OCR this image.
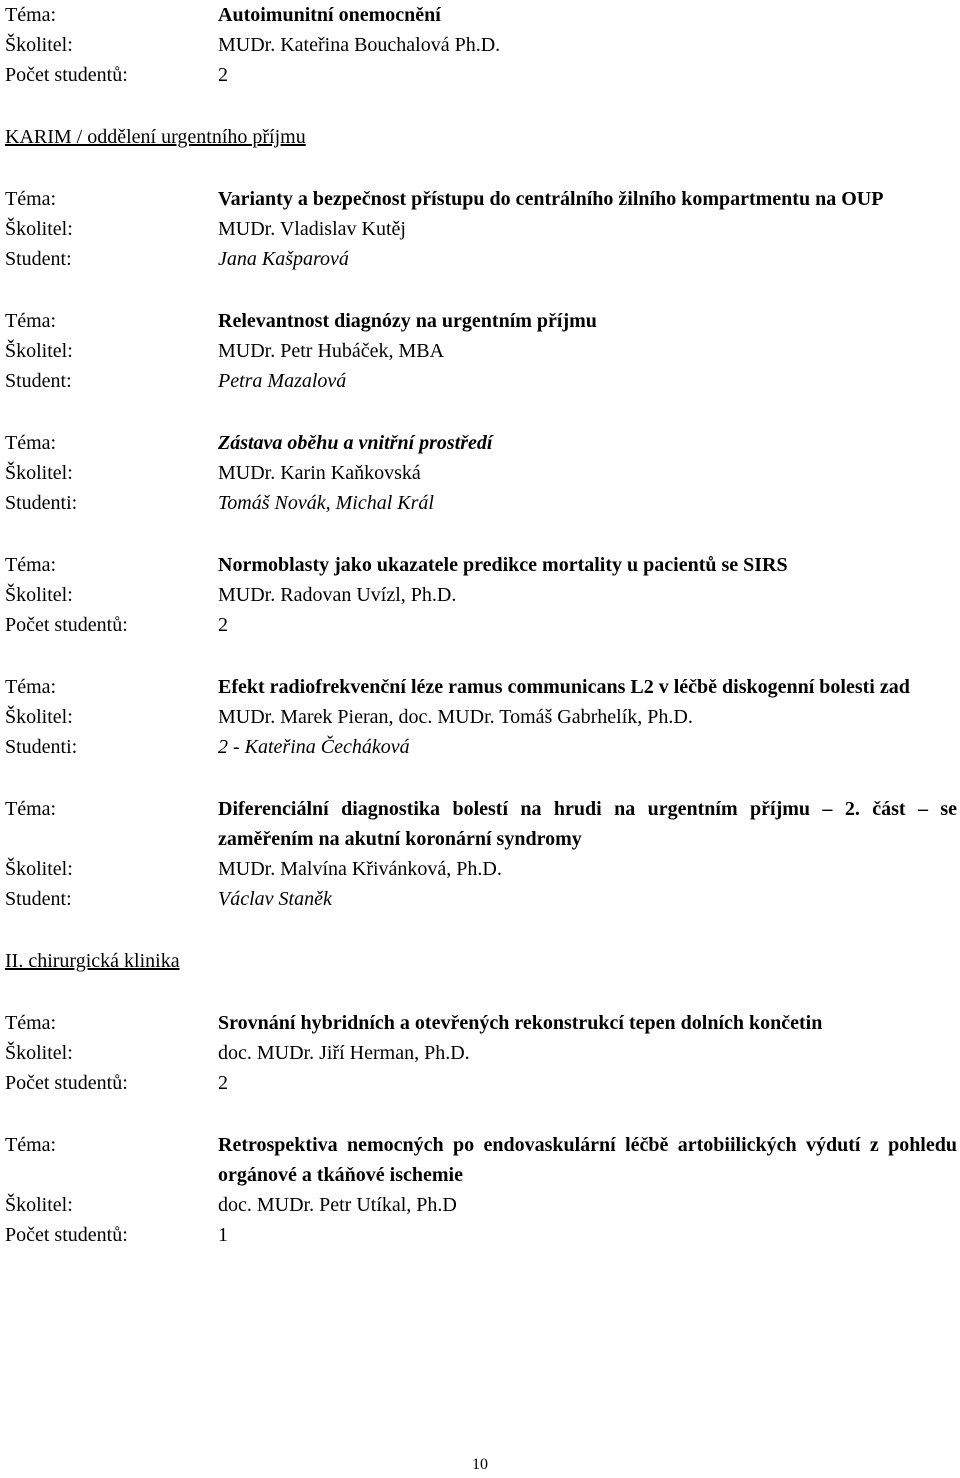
Téma:	Autoimunitní onemocnění
Školitel:	MUDr. Kateřina Bouchalová Ph.D.
Počet studentů:	2

KARIM / oddělení urgentního příjmu

Téma:	Varianty a bezpečnost přístupu do centrálního žilního kompartmentu na OUP
Školitel:	MUDr. Vladislav Kutěj
Student:	Jana Kašparová
Téma:	Relevantnost diagnózy na urgentním příjmu
Školitel:	MUDr. Petr Hubáček, MBA
Student:	Petra Mazalová
Téma:	Zástava oběhu a vnitřní prostředí
Školitel:	MUDr. Karin Kaňkovská
Studenti:	Tomáš Novák, Michal Král
Téma:	Normoblasty jako ukazatele predikce mortality u pacientů se SIRS
Školitel:	MUDr. Radovan Uvízl, Ph.D.
Počet studentů:	2
Téma:	Efekt radiofrekvenční léze ramus communicans L2 v léčbě diskogenní bolesti zad
Školitel:	MUDr. Marek Pieran, doc. MUDr. Tomáš Gabrhelík, Ph.D.
Studenti:	2 - Kateřina Čecháková
Téma:	Diferenciální diagnostika bolestí na hrudi na urgentním příjmu – 2. část – se zaměřením na akutní koronární syndromy
Školitel:	MUDr. Malvína Křivánková, Ph.D.
Student:	Václav Staněk

II. chirurgická klinika

Téma:	Srovnání hybridních a otevřených rekonstrukcí tepen dolních končetin
Školitel:	doc. MUDr. Jiří Herman, Ph.D.
Počet studentů:	2
Téma:	Retrospektiva nemocných po endovaskulární léčbě artobiilických výdutí z pohledu orgánové a tkáňové ischemie
Školitel:	doc. MUDr. Petr Utíkal, Ph.D
Počet studentů:	1
10
